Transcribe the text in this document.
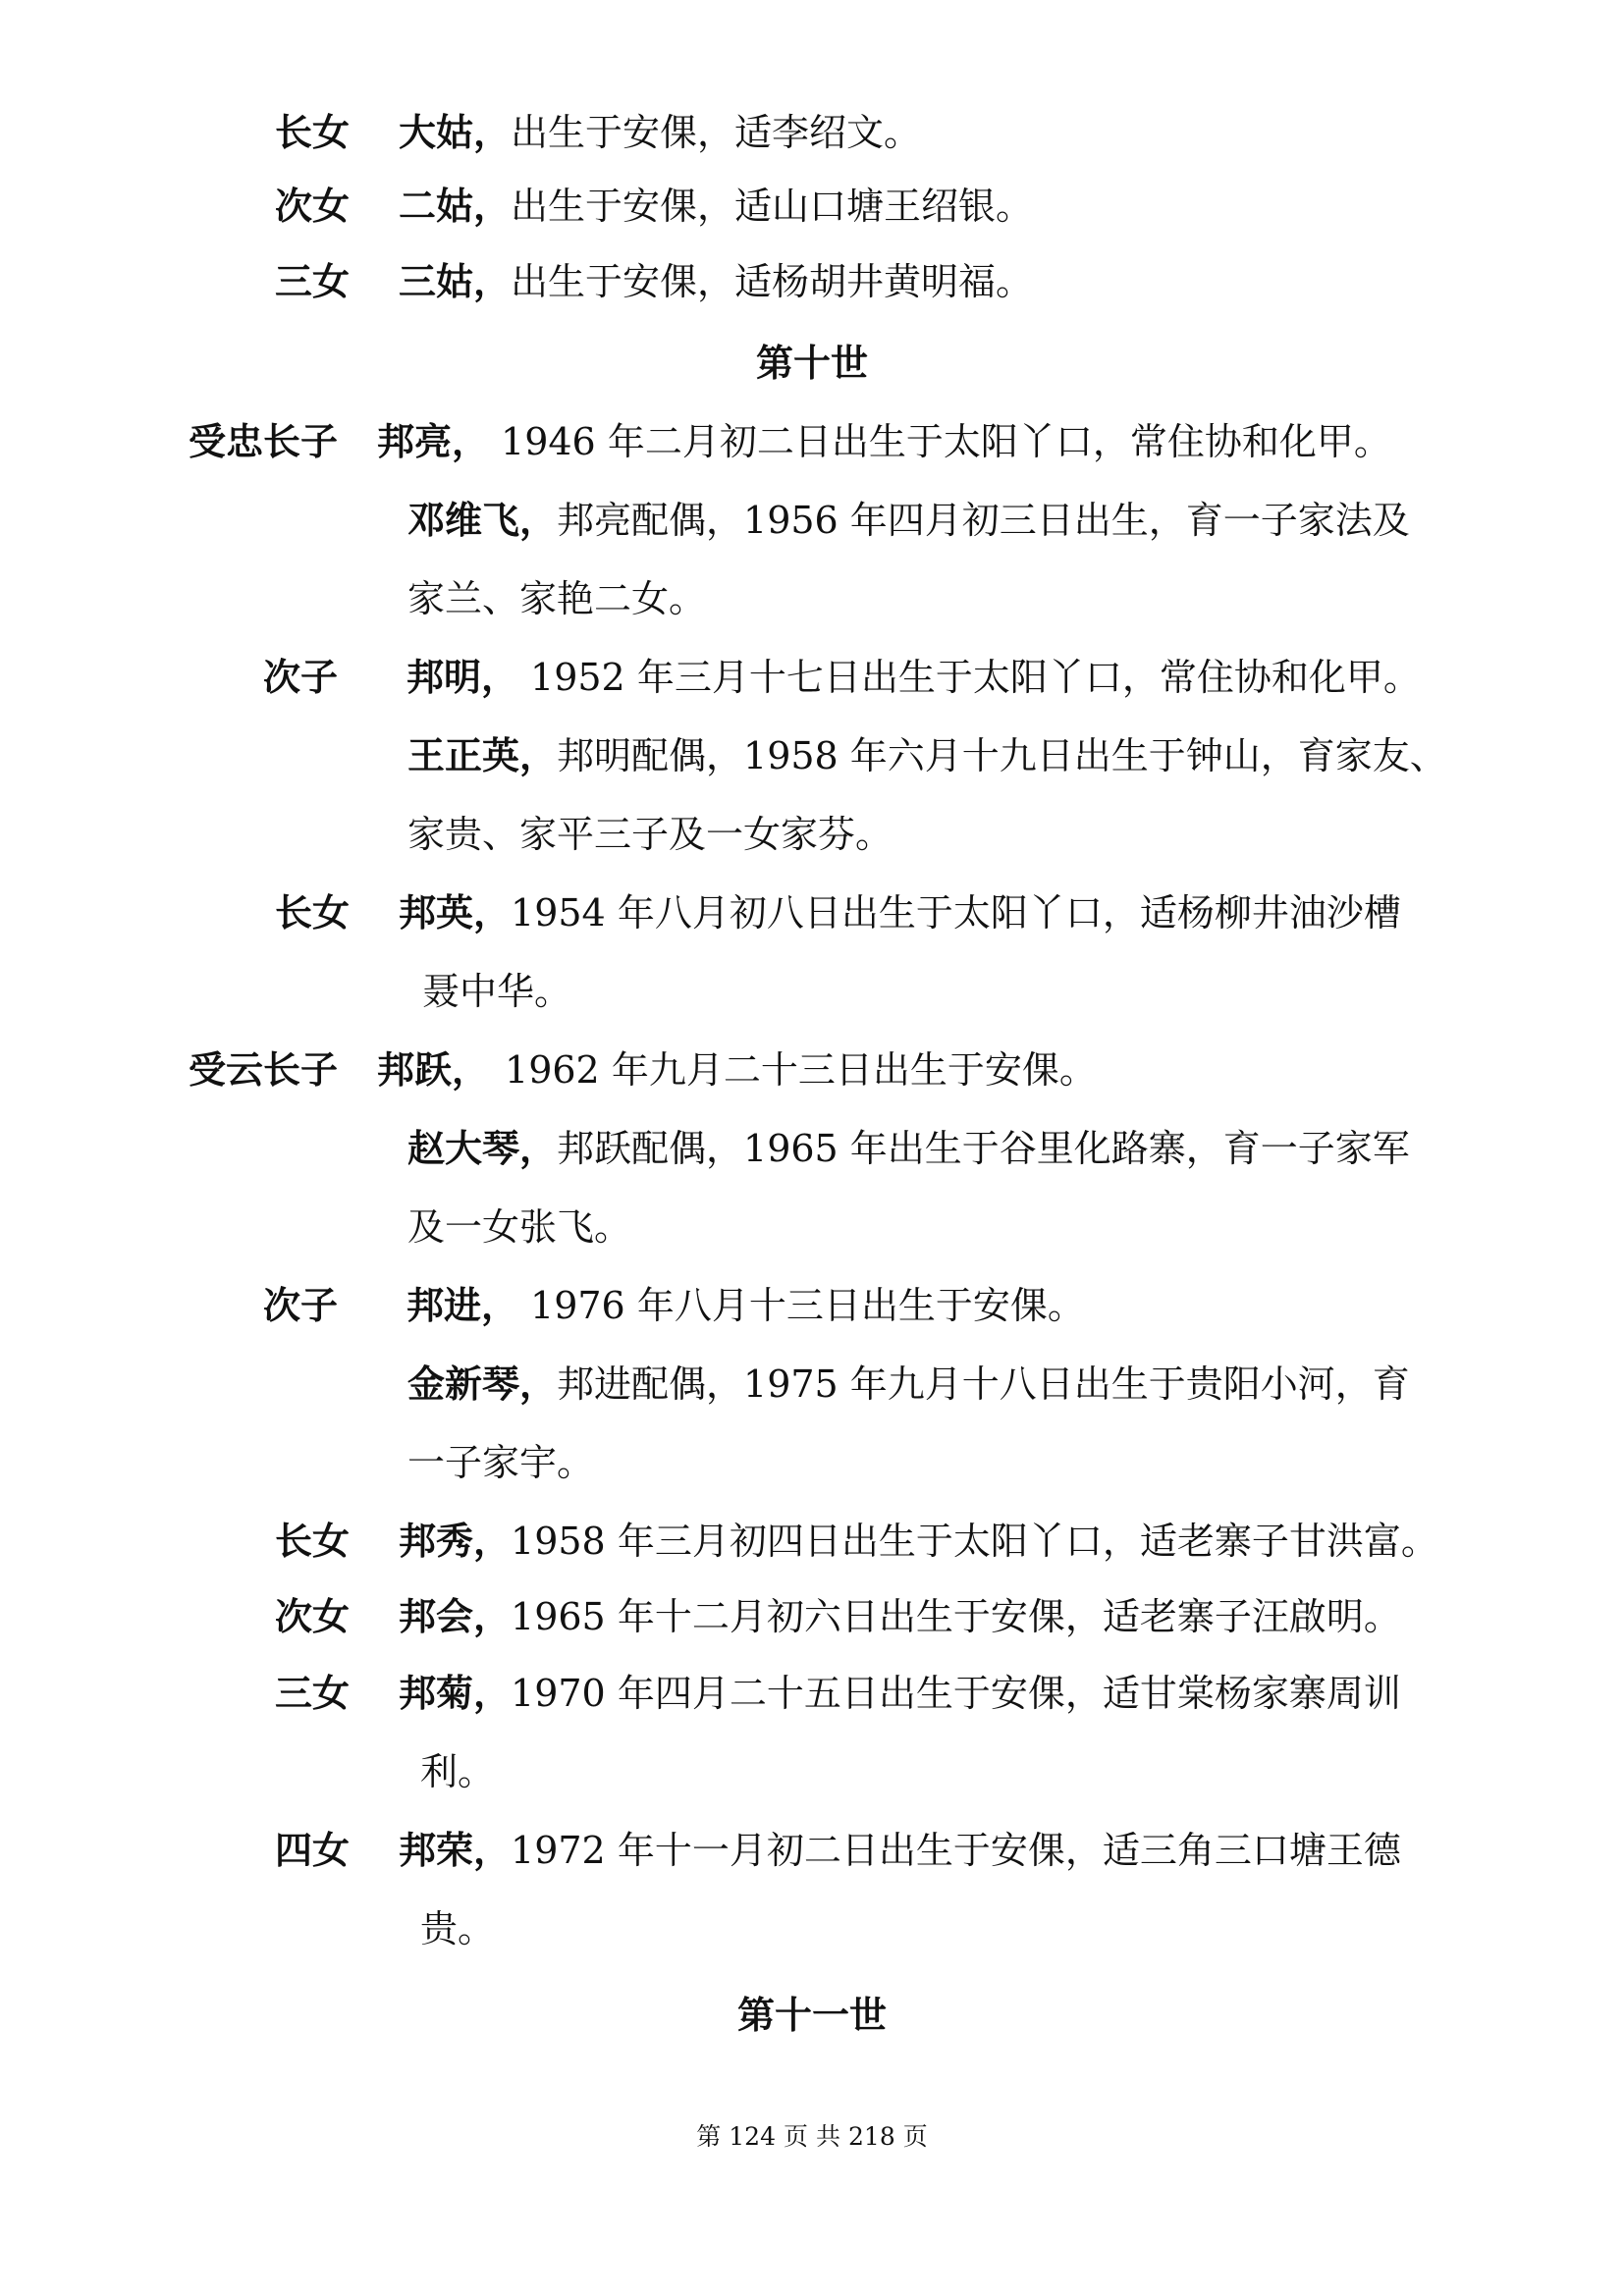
长女 大姑，出生于安倮，适李绍文。
次女 二姑，出生于安倮，适山口塘王绍银。
三女 三姑，出生于安倮，适杨胡井黄明福。
第十世
受忠长子 邦亮， 1946 年二月初二日出生于太阳丫口，常住协和化甲。
邓维飞，邦亮配偶，1956 年四月初三日出生，育一子家法及
家兰、家艳二女。
次子 邦明， 1952 年三月十七日出生于太阳丫口，常住协和化甲。
王正英，邦明配偶，1958 年六月十九日出生于钟山，育家友、
家贵、家平三子及一女家芬。
长女 邦英，1954 年八月初八日出生于太阳丫口，适杨柳井油沙槽
聂中华。
受云长子 邦跃， 1962 年九月二十三日出生于安倮。
赵大琴，邦跃配偶，1965 年出生于谷里化路寨，育一子家军
及一女张飞。
次子 邦进， 1976 年八月十三日出生于安倮。
金新琴，邦进配偶，1975 年九月十八日出生于贵阳小河，育
一子家宇。
长女 邦秀，1958 年三月初四日出生于太阳丫口，适老寨子甘洪富。
次女 邦会，1965 年十二月初六日出生于安倮，适老寨子汪啟明。
三女 邦菊，1970 年四月二十五日出生于安倮，适甘棠杨家寨周训
利。
四女 邦荣，1972 年十一月初二日出生于安倮，适三角三口塘王德
贵。
第十一世
第 124 页 共 218 页
